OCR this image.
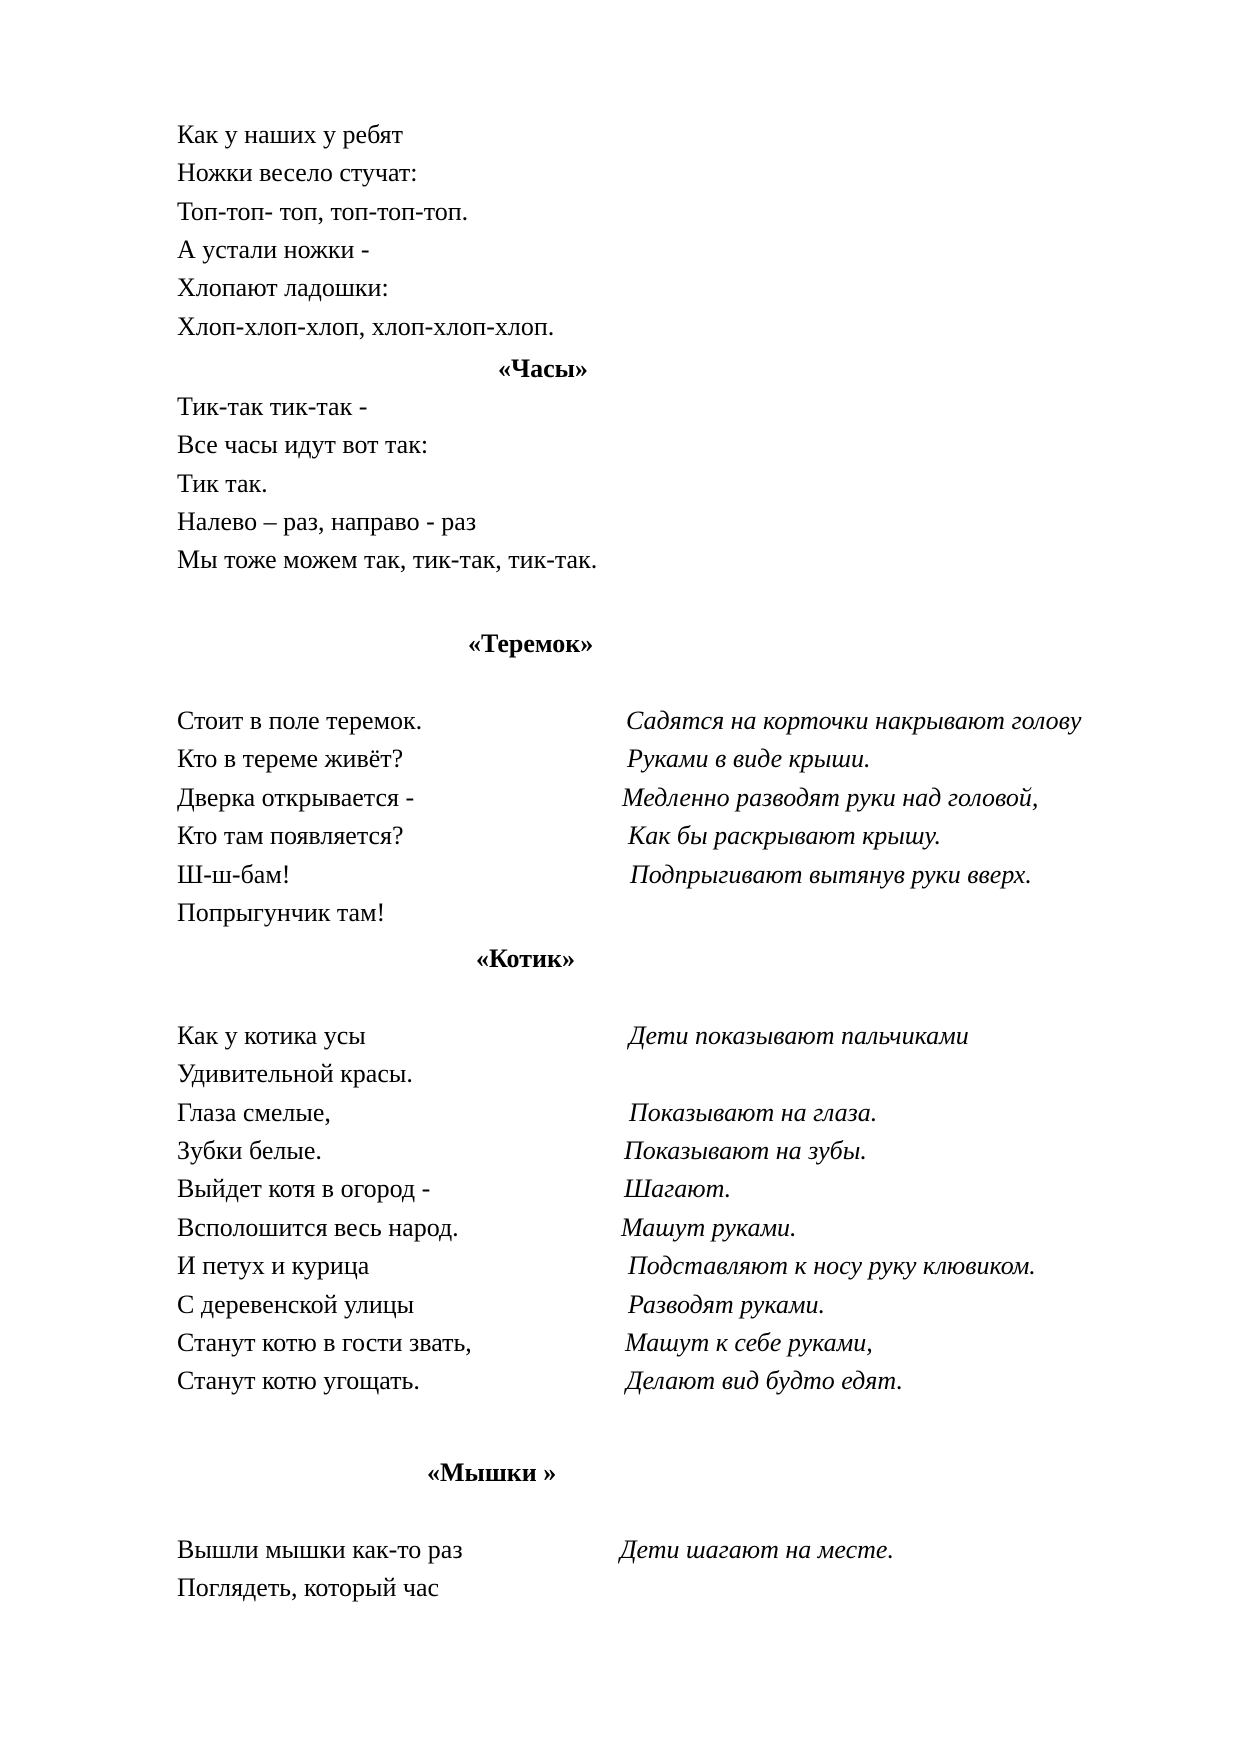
Как у наших у ребят
Ножки весело стучат:
Топ-топ- топ, топ-топ-топ.
А устали ножки -
Хлопают ладошки:
Хлоп-хлоп-хлоп, хлоп-хлоп-хлоп.
«Часы»
Тик-так тик-так -
Все часы идут вот так:
Тик так.
Налево – раз, направо - раз
Мы тоже можем так, тик-так, тик-так.
«Теремок»
Стоит в поле теремок.
Кто в тереме живёт?
Дверка открывается -
Кто там появляется?
Ш-ш-бам!
Попрыгунчик там!
Садятся на корточки накрывают голову
Руками в виде крыши.
Медленно разводят руки над головой,
Как бы раскрывают крышу.
Подпрыгивают вытянув руки вверх.
«Котик»
Как у котика усы
Удивительной красы.
Глаза смелые,
Зубки белые.
Выйдет котя в огород -
Всполошится весь народ.
И петух и курица
С деревенской улицы
Станут котю в гости звать,
Станут котю угощать.
Дети показывают пальчиками
Показывают на глаза.
Показывают на зубы.
Шагают.
Машут руками.
Подставляют к носу руку клювиком.
Разводят руками.
Машут к себе руками,
Делают вид будто едят.
«Мышки »
Вышли мышки как-то раз
Поглядеть, который час
Дети шагают на месте.
